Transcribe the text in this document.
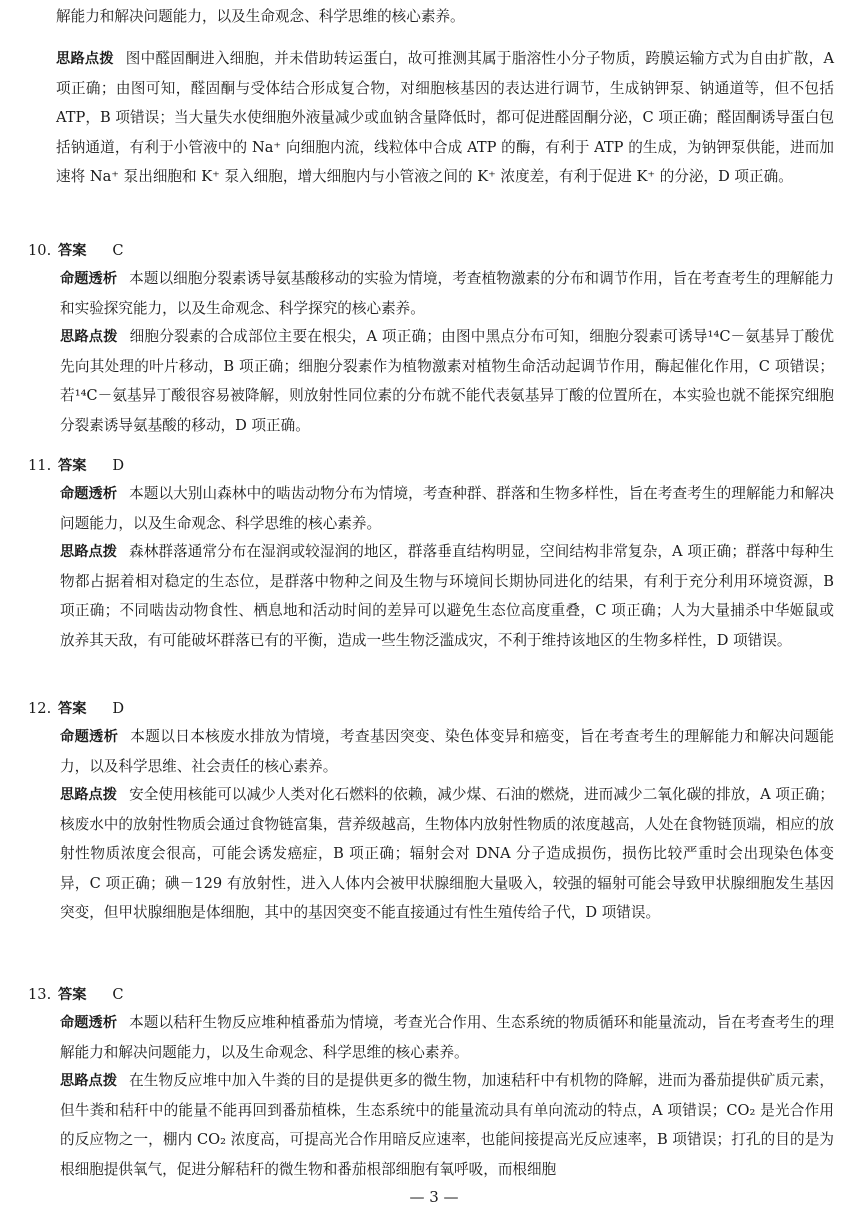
解能力和解决问题能力，以及生命观念、科学思维的核心素养。
思路点拨 图中醛固酮进入细胞，并未借助转运蛋白，故可推测其属于脂溶性小分子物质，跨膜运输方式为自由扩散，A项正确；由图可知，醛固酮与受体结合形成复合物，对细胞核基因的表达进行调节，生成钠钾泵、钠通道等，但不包括 ATP，B 项错误；当大量失水使细胞外液量减少或血钠含量降低时，都可促进醛固酮分泌，C 项正确；醛固酮诱导蛋白包括钠通道，有利于小管液中的 Na⁺ 向细胞内流，线粒体中合成 ATP 的酶，有利于 ATP 的生成，为钠钾泵供能，进而加速将 Na⁺ 泵出细胞和 K⁺ 泵入细胞，增大细胞内与小管液之间的 K⁺ 浓度差，有利于促进 K⁺ 的分泌，D 项正确。
10. 答案 C
命题透析 本题以细胞分裂素诱导氨基酸移动的实验为情境，考查植物激素的分布和调节作用，旨在考查考生的理解能力和实验探究能力，以及生命观念、科学探究的核心素养。
思路点拨 细胞分裂素的合成部位主要在根尖，A 项正确；由图中黑点分布可知，细胞分裂素可诱导¹⁴C－氨基异丁酸优先向其处理的叶片移动，B 项正确；细胞分裂素作为植物激素对植物生命活动起调节作用，酶起催化作用，C 项错误；若¹⁴C－氨基异丁酸很容易被降解，则放射性同位素的分布就不能代表氨基异丁酸的位置所在，本实验也就不能探究细胞分裂素诱导氨基酸的移动，D 项正确。
11. 答案 D
命题透析 本题以大别山森林中的啮齿动物分布为情境，考查种群、群落和生物多样性，旨在考查考生的理解能力和解决问题能力，以及生命观念、科学思维的核心素养。
思路点拨 森林群落通常分布在湿润或较湿润的地区，群落垂直结构明显，空间结构非常复杂，A 项正确；群落中每种生物都占据着相对稳定的生态位，是群落中物种之间及生物与环境间长期协同进化的结果，有利于充分利用环境资源，B 项正确；不同啮齿动物食性、栖息地和活动时间的差异可以避免生态位高度重叠，C 项正确；人为大量捕杀中华姬鼠或放养其天敌，有可能破坏群落已有的平衡，造成一些生物泛滥成灾，不利于维持该地区的生物多样性，D 项错误。
12. 答案 D
命题透析 本题以日本核废水排放为情境，考查基因突变、染色体变异和癌变，旨在考查考生的理解能力和解决问题能力，以及科学思维、社会责任的核心素养。
思路点拨 安全使用核能可以减少人类对化石燃料的依赖，减少煤、石油的燃烧，进而减少二氧化碳的排放，A 项正确；核废水中的放射性物质会通过食物链富集，营养级越高，生物体内放射性物质的浓度越高，人处在食物链顶端，相应的放射性物质浓度会很高，可能会诱发癌症，B 项正确；辐射会对 DNA 分子造成损伤，损伤比较严重时会出现染色体变异，C 项正确；碘－129 有放射性，进入人体内会被甲状腺细胞大量吸入，较强的辐射可能会导致甲状腺细胞发生基因突变，但甲状腺细胞是体细胞，其中的基因突变不能直接通过有性生殖传给子代，D 项错误。
13. 答案 C
命题透析 本题以秸秆生物反应堆种植番茄为情境，考查光合作用、生态系统的物质循环和能量流动，旨在考查考生的理解能力和解决问题能力，以及生命观念、科学思维的核心素养。
思路点拨 在生物反应堆中加入牛粪的目的是提供更多的微生物，加速秸秆中有机物的降解，进而为番茄提供矿质元素，但牛粪和秸秆中的能量不能再回到番茄植株，生态系统中的能量流动具有单向流动的特点，A 项错误；CO₂ 是光合作用的反应物之一，棚内 CO₂ 浓度高，可提高光合作用暗反应速率，也能间接提高光反应速率，B 项错误；打孔的目的是为根细胞提供氧气，促进分解秸秆的微生物和番茄根部细胞有氧呼吸，而根细胞
— 3 —
